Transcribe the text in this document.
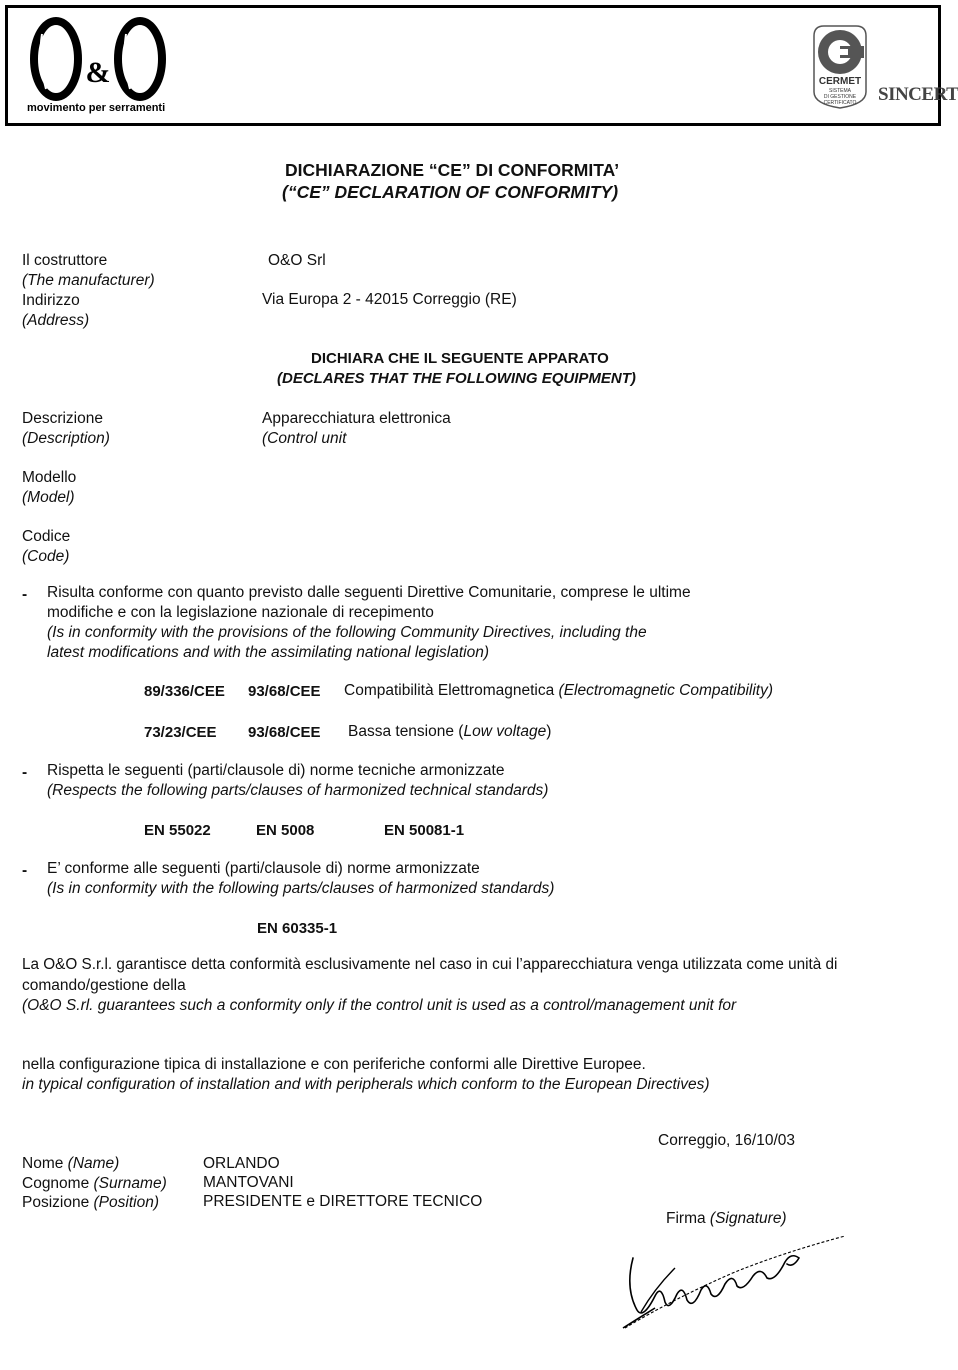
&
movimento per serramenti
CERMET
SISTEMA
DI GESTIONE
CERTIFICATO SINCERT
DICHIARAZIONE “CE” DI CONFORMITA’
(“CE” DECLARATION OF CONFORMITY)
Il costruttore
(The manufacturer)
O&O Srl
Indirizzo
(Address)
Via Europa 2 - 42015 Correggio (RE)
DICHIARA CHE IL SEGUENTE APPARATO
(DECLARES THAT THE FOLLOWING EQUIPMENT)
Descrizione
(Description)
Apparecchiatura elettronica
(Control unit
Modello
(Model)
Codice
(Code)
- Risulta conforme con quanto previsto dalle seguenti Direttive Comunitarie, comprese le ultime
modifiche e con la legislazione nazionale di recepimento
(Is in conformity with the provisions of the following Community Directives, including the
latest modifications and with the assimilating national legislation)
89/336/CEE 93/68/CEE Compatibilità Elettromagnetica (Electromagnetic Compatibility)
73/23/CEE 93/68/CEE Bassa tensione (Low voltage)
- Rispetta le seguenti (parti/clausole di) norme tecniche armonizzate
(Respects the following parts/clauses of harmonized technical standards)
EN 55022	EN 5008	EN 50081-1
- E’ conforme alle seguenti (parti/clausole di) norme armonizzate
(Is in conformity with the following parts/clauses of harmonized standards)
EN 60335-1
La O&O S.r.l. garantisce detta conformità esclusivamente nel caso in cui l’apparecchiatura venga utilizzata come unità di
comando/gestione della
(O&O S.rl. guarantees such a conformity only if the control unit is used as a control/management unit for
nella configurazione tipica di installazione e con periferiche conformi alle Direttive Europee.
in typical configuration of installation and with peripherals which conform to the European Directives)
Correggio, 16/10/03
Nome (Name)	ORLANDO
Cognome (Surname) MANTOVANI
Posizione (Position)	PRESIDENTE e DIRETTORE TECNICO
Firma (Signature)
